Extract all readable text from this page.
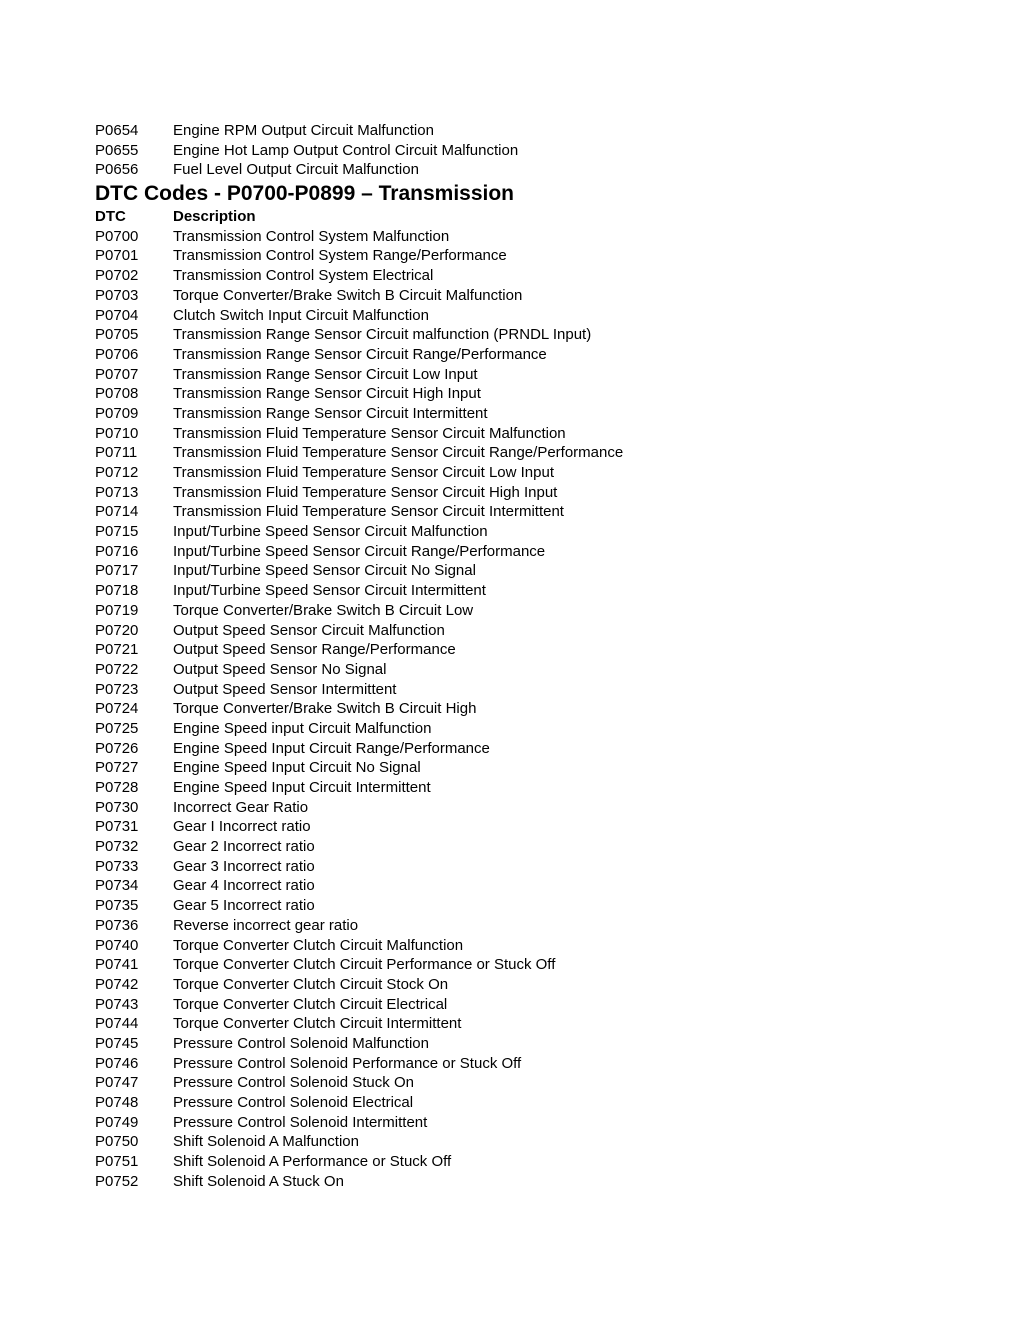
P0654	Engine RPM Output Circuit Malfunction
P0655	Engine Hot Lamp Output Control Circuit Malfunction
P0656	Fuel Level Output Circuit Malfunction
DTC Codes - P0700-P0899 – Transmission
DTC	Description
P0700	Transmission Control System Malfunction
P0701	Transmission Control System Range/Performance
P0702	Transmission Control System Electrical
P0703	Torque Converter/Brake Switch B Circuit Malfunction
P0704	Clutch Switch Input Circuit Malfunction
P0705	Transmission Range Sensor Circuit malfunction (PRNDL Input)
P0706	Transmission Range Sensor Circuit Range/Performance
P0707	Transmission Range Sensor Circuit Low Input
P0708	Transmission Range Sensor Circuit High Input
P0709	Transmission Range Sensor Circuit Intermittent
P0710	Transmission Fluid Temperature Sensor Circuit Malfunction
P0711	Transmission Fluid Temperature Sensor Circuit Range/Performance
P0712	Transmission Fluid Temperature Sensor Circuit Low Input
P0713	Transmission Fluid Temperature Sensor Circuit High Input
P0714	Transmission Fluid Temperature Sensor Circuit Intermittent
P0715	Input/Turbine Speed Sensor Circuit Malfunction
P0716	Input/Turbine Speed Sensor Circuit Range/Performance
P0717	Input/Turbine Speed Sensor Circuit No Signal
P0718	Input/Turbine Speed Sensor Circuit Intermittent
P0719	Torque Converter/Brake Switch B Circuit Low
P0720	Output Speed Sensor Circuit Malfunction
P0721	Output Speed Sensor Range/Performance
P0722	Output Speed Sensor No Signal
P0723	Output Speed Sensor Intermittent
P0724	Torque Converter/Brake Switch B Circuit High
P0725	Engine Speed input Circuit Malfunction
P0726	Engine Speed Input Circuit Range/Performance
P0727	Engine Speed Input Circuit No Signal
P0728	Engine Speed Input Circuit Intermittent
P0730	Incorrect Gear Ratio
P0731	Gear I Incorrect ratio
P0732	Gear 2 Incorrect ratio
P0733	Gear 3 Incorrect ratio
P0734	Gear 4 Incorrect ratio
P0735	Gear 5 Incorrect ratio
P0736	Reverse incorrect gear ratio
P0740	Torque Converter Clutch Circuit Malfunction
P0741	Torque Converter Clutch Circuit Performance or Stuck Off
P0742	Torque Converter Clutch Circuit Stock On
P0743	Torque Converter Clutch Circuit Electrical
P0744	Torque Converter Clutch Circuit Intermittent
P0745	Pressure Control Solenoid Malfunction
P0746	Pressure Control Solenoid Performance or Stuck Off
P0747	Pressure Control Solenoid Stuck On
P0748	Pressure Control Solenoid Electrical
P0749	Pressure Control Solenoid Intermittent
P0750	Shift Solenoid A Malfunction
P0751	Shift Solenoid A Performance or Stuck Off
P0752	Shift Solenoid A Stuck On
